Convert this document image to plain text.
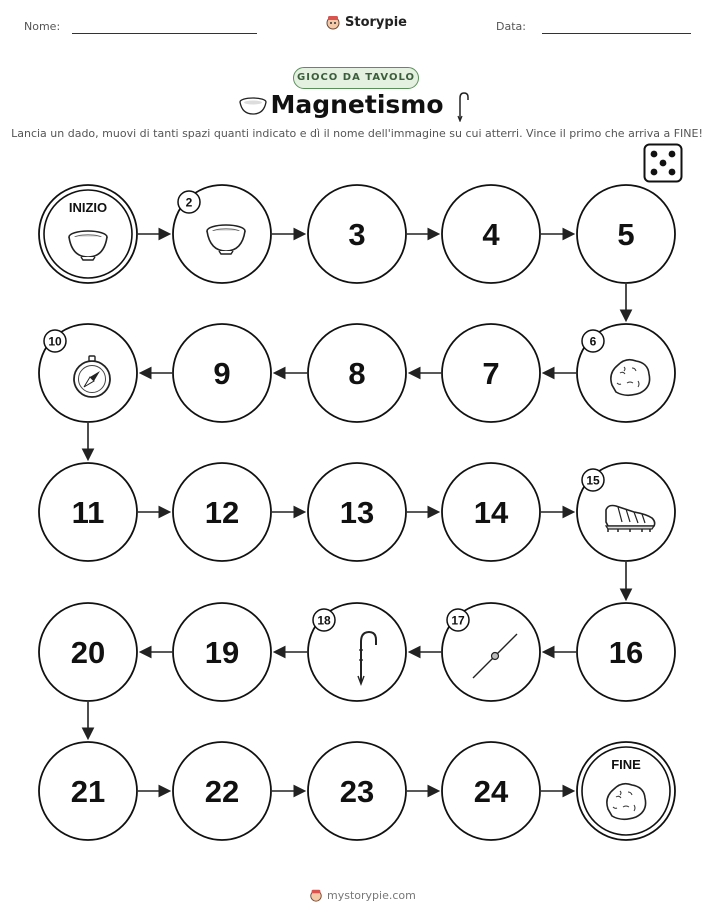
Nome:	Storypie	Data:
GIOCO DA TAVOLO
Magnetismo
Lancia un dado, muovi di tanti spazi quanti indicato e dì il nome dell'immagine su cui atterri. Vince il primo che arriva a FINE!
INIZIO	2
3	4	5
6
7
8
9
10
11	12	13	14
15
16
17
18
19
20
21	22	23	24
FINE
mystorypie.com
